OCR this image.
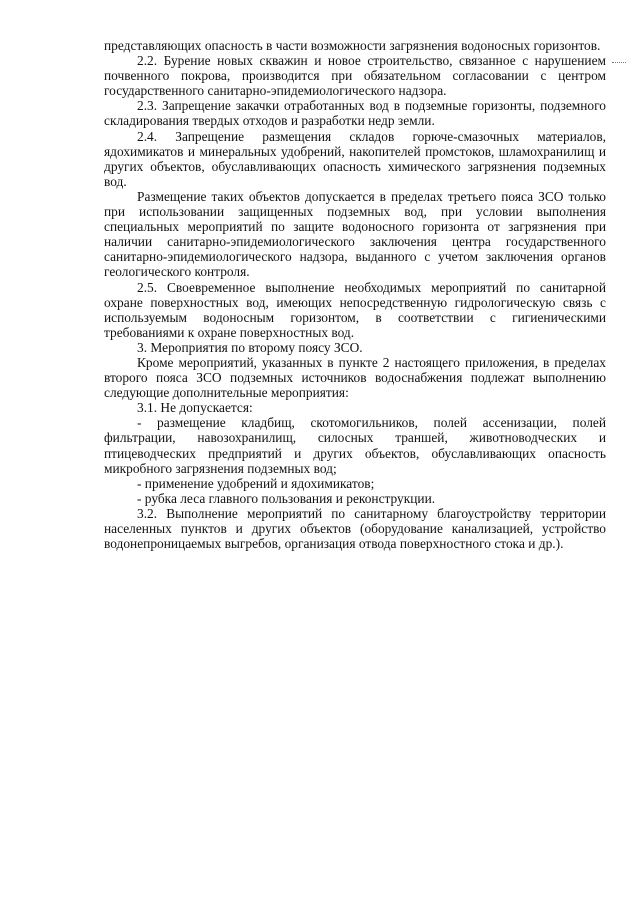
представляющих опасность в части возможности загрязнения водоносных горизонтов.

2.2. Бурение новых скважин и новое строительство, связанное с нарушением почвенного покрова, производится при обязательном согласовании с центром государственного санитарно-эпидемиологического надзора.

2.3. Запрещение закачки отработанных вод в подземные горизонты, подземного складирования твердых отходов и разработки недр земли.

2.4. Запрещение размещения складов горюче-смазочных материалов, ядохимикатов и минеральных удобрений, накопителей промстоков, шламохранилищ и других объектов, обуславливающих опасность химического загрязнения подземных вод.

Размещение таких объектов допускается в пределах третьего пояса ЗСО только при использовании защищенных подземных вод, при условии выполнения специальных мероприятий по защите водоносного горизонта от загрязнения при наличии санитарно-эпидемиологического заключения центра государственного санитарно-эпидемиологического надзора, выданного с учетом заключения органов геологического контроля.

2.5. Своевременное выполнение необходимых мероприятий по санитарной охране поверхностных вод, имеющих непосредственную гидрологическую связь с используемым водоносным горизонтом, в соответствии с гигиеническими требованиями к охране поверхностных вод.

3. Мероприятия по второму поясу ЗСО.

Кроме мероприятий, указанных в пункте 2 настоящего приложения, в пределах второго пояса ЗСО подземных источников водоснабжения подлежат выполнению следующие дополнительные мероприятия:

3.1. Не допускается:

- размещение кладбищ, скотомогильников, полей ассенизации, полей фильтрации, навозохранилищ, силосных траншей, животноводческих и птицеводческих предприятий и других объектов, обуславливающих опасность микробного загрязнения подземных вод;

- применение удобрений и ядохимикатов;

- рубка леса главного пользования и реконструкции.

3.2. Выполнение мероприятий по санитарному благоустройству территории населенных пунктов и других объектов (оборудование канализацией, устройство водонепроницаемых выгребов, организация отвода поверхностного стока и др.).
